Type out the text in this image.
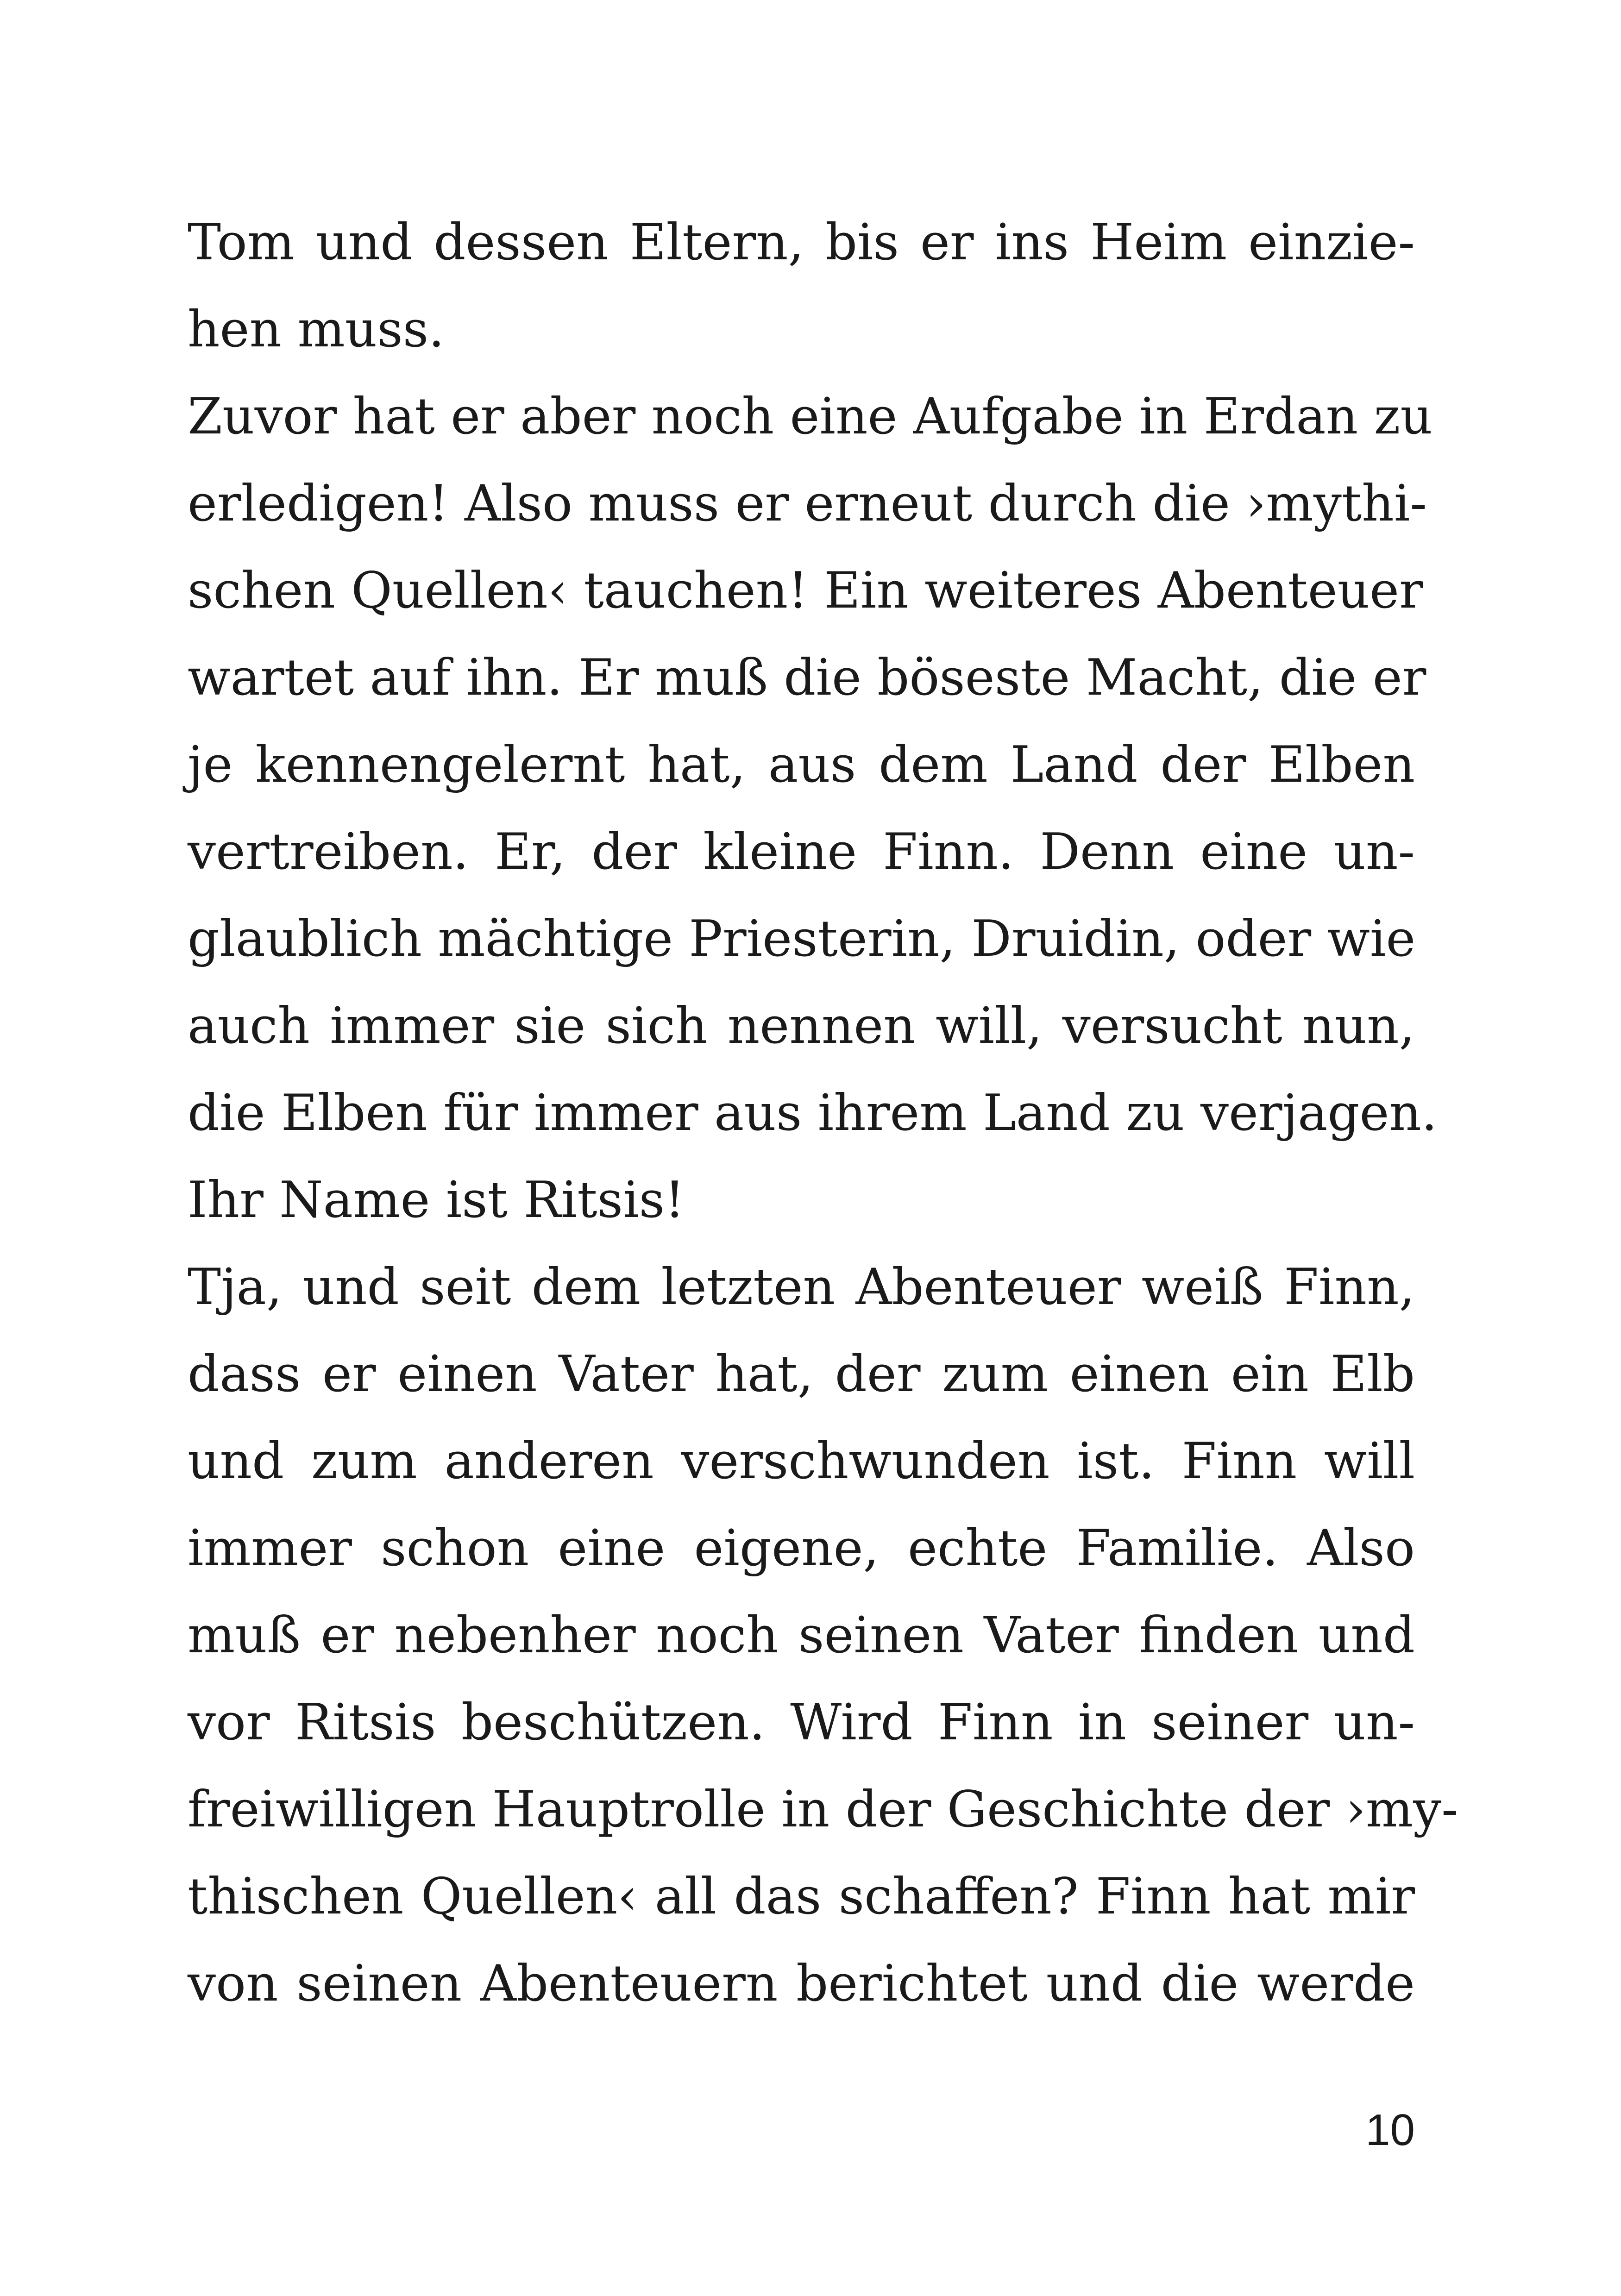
Tom und dessen Eltern, bis er ins Heim einzie-
hen muss.
Zuvor hat er aber noch eine Aufgabe in Erdan zu
erledigen! Also muss er erneut durch die ›mythi-
schen Quellen‹ tauchen! Ein weiteres Abenteuer
wartet auf ihn. Er muß die böseste Macht, die er
je kennengelernt hat, aus dem Land der Elben
vertreiben. Er, der kleine Finn. Denn eine un-
glaublich mächtige Priesterin, Druidin, oder wie
auch immer sie sich nennen will, versucht nun,
die Elben für immer aus ihrem Land zu verjagen.
Ihr Name ist Ritsis!
Tja, und seit dem letzten Abenteuer weiß Finn,
dass er einen Vater hat, der zum einen ein Elb
und zum anderen verschwunden ist. Finn will
immer schon eine eigene, echte Familie. Also
muß er nebenher noch seinen Vater finden und
vor Ritsis beschützen. Wird Finn in seiner un-
freiwilligen Hauptrolle in der Geschichte der ›my-
thischen Quellen‹ all das schaffen? Finn hat mir
von seinen Abenteuern berichtet und die werde
10
